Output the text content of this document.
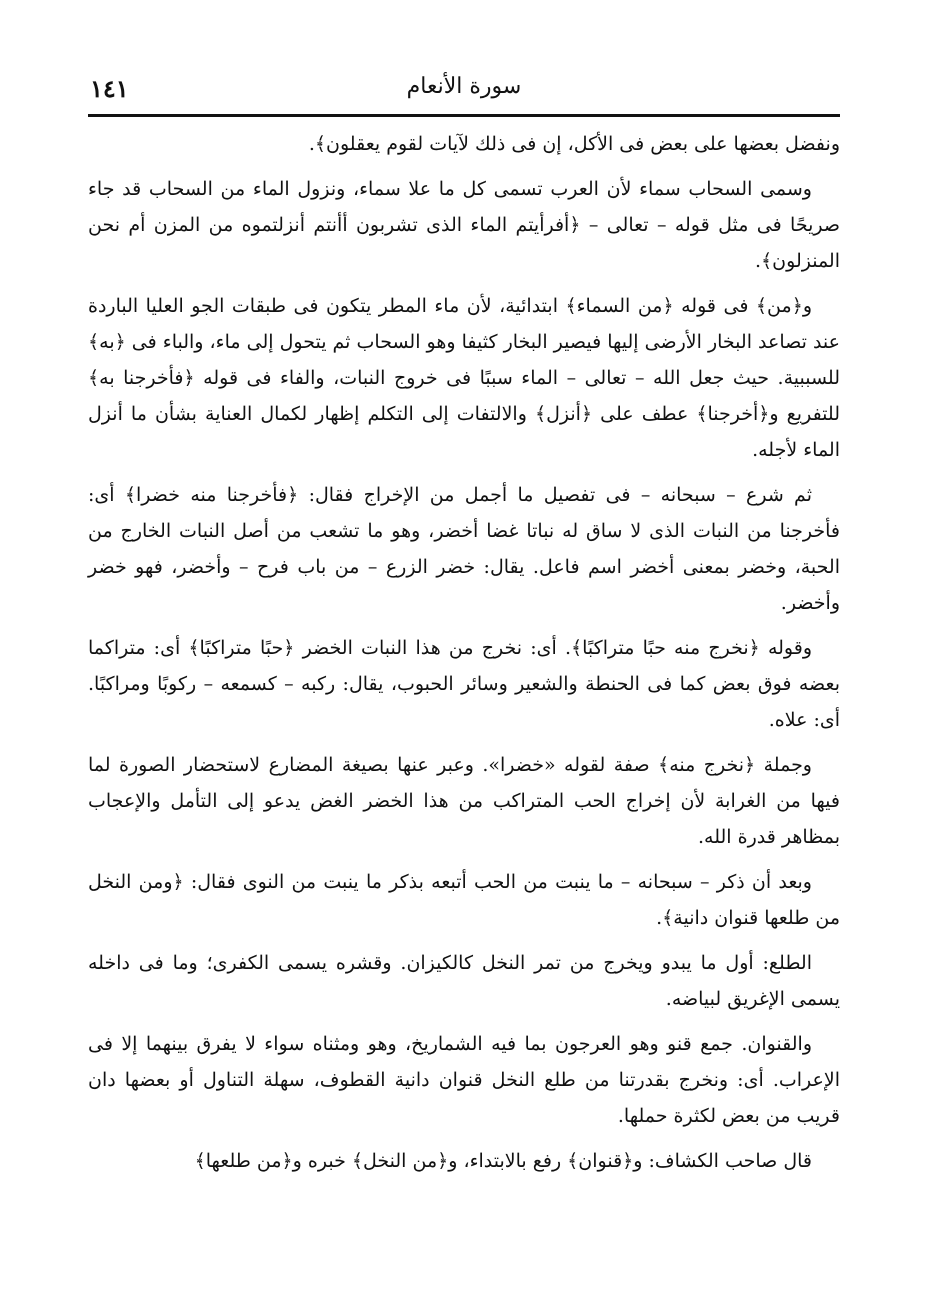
١٤١	سورة الأنعام

ونفضل بعضها على بعض فى الأكل، إن فى ذلك لآيات لقوم يعقلون﴾.

وسمى السحاب سماء لأن العرب تسمى كل ما علا سماء، ونزول الماء من السحاب قد جاء صريحًا فى مثل قوله – تعالى – ﴿أفرأيتم الماء الذى تشربون أأنتم أنزلتموه من المزن أم نحن المنزلون﴾.

و﴿من﴾ فى قوله ﴿من السماء﴾ ابتدائية، لأن ماء المطر يتكون فى طبقات الجو العليا الباردة عند تصاعد البخار الأرضى إليها فيصير البخار كثيفا وهو السحاب ثم يتحول إلى ماء، والباء فى ﴿به﴾ للسببية. حيث جعل الله – تعالى – الماء سببًا فى خروج النبات، والفاء فى قوله ﴿فأخرجنا به﴾ للتفريع و﴿أخرجنا﴾ عطف على ﴿أنزل﴾ والالتفات إلى التكلم إظهار لكمال العناية بشأن ما أنزل الماء لأجله.

ثم شرع – سبحانه – فى تفصيل ما أجمل من الإخراج فقال: ﴿فأخرجنا منه خضرا﴾ أى: فأخرجنا من النبات الذى لا ساق له نباتا غضا أخضر، وهو ما تشعب من أصل النبات الخارج من الحبة، وخضر بمعنى أخضر اسم فاعل. يقال: خضر الزرع – من باب فرح – وأخضر، فهو خضر وأخضر.

وقوله ﴿نخرج منه حبًا متراكبًا﴾. أى: نخرج من هذا النبات الخضر ﴿حبًا متراكبًا﴾ أى: متراكما بعضه فوق بعض كما فى الحنطة والشعير وسائر الحبوب، يقال: ركبه – كسمعه – ركوبًا ومراكبًا. أى: علاه.

وجملة ﴿نخرج منه﴾ صفة لقوله «خضرا». وعبر عنها بصيغة المضارع لاستحضار الصورة لما فيها من الغرابة لأن إخراج الحب المتراكب من هذا الخضر الغض يدعو إلى التأمل والإعجاب بمظاهر قدرة الله.

وبعد أن ذكر – سبحانه – ما ينبت من الحب أتبعه بذكر ما ينبت من النوى فقال: ﴿ومن النخل من طلعها قنوان دانية﴾.

الطلع: أول ما يبدو ويخرج من تمر النخل كالكيزان. وقشره يسمى الكفرى؛ وما فى داخله يسمى الإغريق لبياضه.

والقنوان. جمع قنو وهو العرجون بما فيه الشماريخ، وهو ومثناه سواء لا يفرق بينهما إلا فى الإعراب. أى: ونخرج بقدرتنا من طلع النخل قنوان دانية القطوف، سهلة التناول أو بعضها دان قريب من بعض لكثرة حملها.

قال صاحب الكشاف: و﴿قنوان﴾ رفع بالابتداء، و﴿من النخل﴾ خبره و﴿من طلعها﴾
